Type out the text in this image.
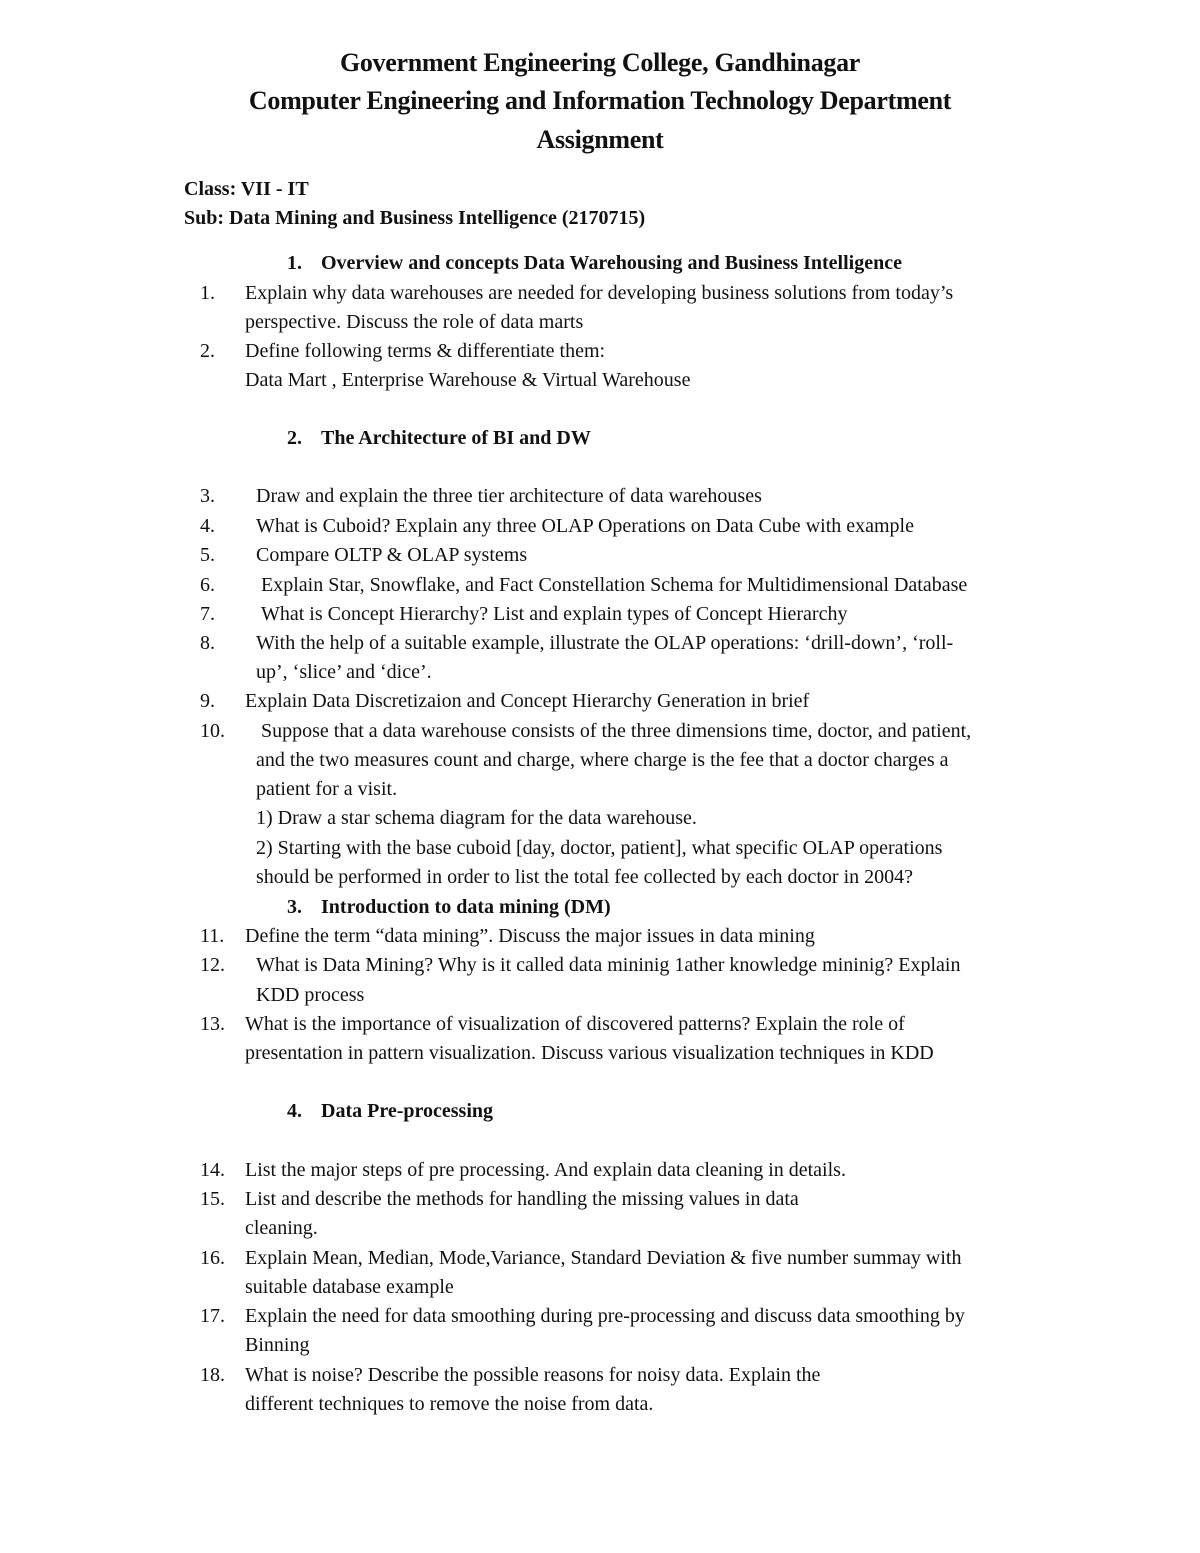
Government Engineering College, Gandhinagar
Computer Engineering and Information Technology Department
Assignment
Class: VII - IT
Sub: Data Mining and Business Intelligence (2170715)
1. Overview and concepts Data Warehousing and Business Intelligence
1. Explain why data warehouses are needed for developing business solutions from today’s
perspective. Discuss the role of data marts
2. Define following terms & differentiate them:
Data Mart , Enterprise Warehouse & Virtual Warehouse
2. The Architecture of BI and DW
3. Draw and explain the three tier architecture of data warehouses
4. What is Cuboid? Explain any three OLAP Operations on Data Cube with example
5. Compare OLTP & OLAP systems
6. Explain Star, Snowflake, and Fact Constellation Schema for Multidimensional Database
7. What is Concept Hierarchy? List and explain types of Concept Hierarchy
8. With the help of a suitable example, illustrate the OLAP operations: ‘drill-down’, ‘roll-
up’, ‘slice’ and ‘dice’.
9. Explain Data Discretizaion and Concept Hierarchy Generation in brief
10. Suppose that a data warehouse consists of the three dimensions time, doctor, and patient,
and the two measures count and charge, where charge is the fee that a doctor charges a
patient for a visit.
1) Draw a star schema diagram for the data warehouse.
2) Starting with the base cuboid [day, doctor, patient], what specific OLAP operations
should be performed in order to list the total fee collected by each doctor in 2004?
3. Introduction to data mining (DM)
11. Define the term “data mining”. Discuss the major issues in data mining
12. What is Data Mining? Why is it called data mininig 1ather knowledge mininig? Explain
KDD process
13. What is the importance of visualization of discovered patterns? Explain the role of
presentation in pattern visualization. Discuss various visualization techniques in KDD
4. Data Pre-processing
14. List the major steps of pre processing. And explain data cleaning in details.
15. List and describe the methods for handling the missing values in data
cleaning.
16. Explain Mean, Median, Mode,Variance, Standard Deviation & five number summay with
suitable database example
17. Explain the need for data smoothing during pre-processing and discuss data smoothing by
Binning
18. What is noise? Describe the possible reasons for noisy data. Explain the
different techniques to remove the noise from data.
